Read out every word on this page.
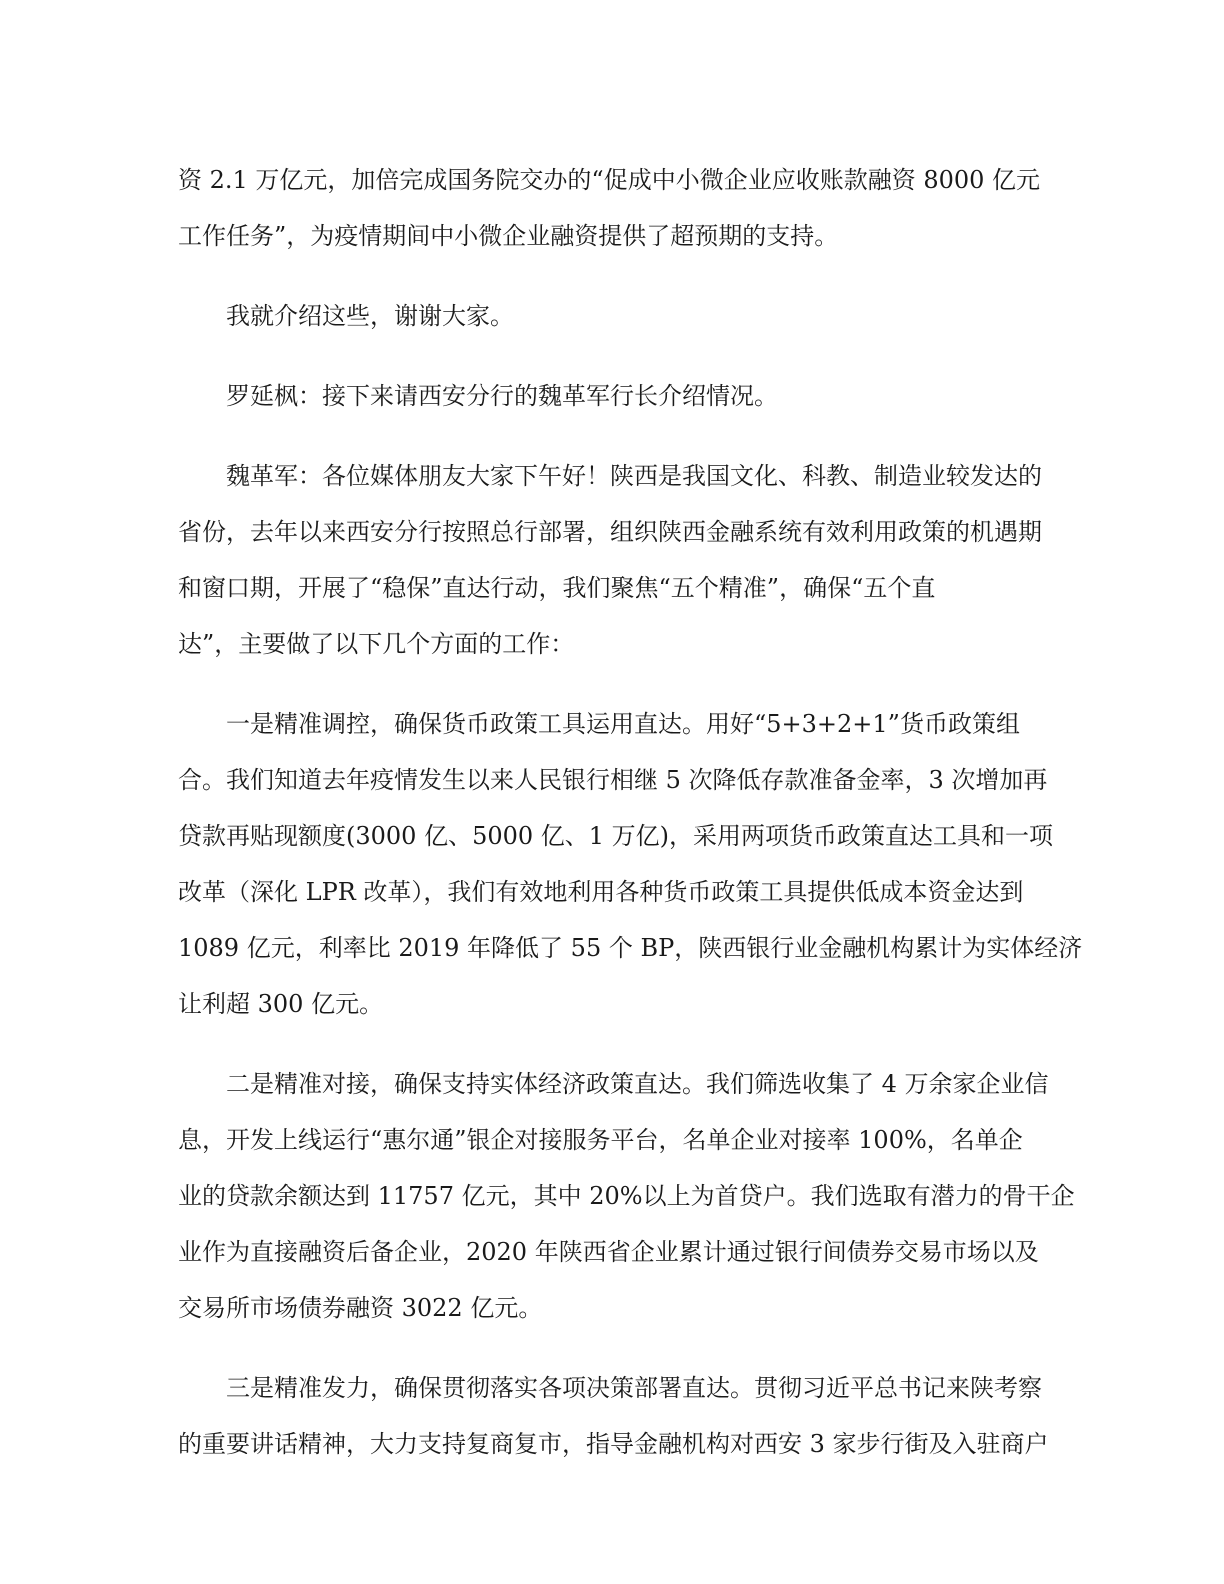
资 2.1 万亿元，加倍完成国务院交办的“促成中小微企业应收账款融资 8000 亿元
工作任务”，为疫情期间中小微企业融资提供了超预期的支持。
我就介绍这些，谢谢大家。
罗延枫：接下来请西安分行的魏革军行长介绍情况。
魏革军：各位媒体朋友大家下午好！陕西是我国文化、科教、制造业较发达的
省份，去年以来西安分行按照总行部署，组织陕西金融系统有效利用政策的机遇期
和窗口期，开展了“稳保”直达行动，我们聚焦“五个精准”，确保“五个直
达”，主要做了以下几个方面的工作：
一是精准调控，确保货币政策工具运用直达。用好“5+3+2+1”货币政策组
合。我们知道去年疫情发生以来人民银行相继 5 次降低存款准备金率，3 次增加再
贷款再贴现额度(3000 亿、5000 亿、1 万亿)，采用两项货币政策直达工具和一项
改革（深化 LPR 改革），我们有效地利用各种货币政策工具提供低成本资金达到
1089 亿元，利率比 2019 年降低了 55 个 BP，陕西银行业金融机构累计为实体经济
让利超 300 亿元。
二是精准对接，确保支持实体经济政策直达。我们筛选收集了 4 万余家企业信
息，开发上线运行“惠尔通”银企对接服务平台，名单企业对接率 100%，名单企
业的贷款余额达到 11757 亿元，其中 20%以上为首贷户。我们选取有潜力的骨干企
业作为直接融资后备企业，2020 年陕西省企业累计通过银行间债券交易市场以及
交易所市场债券融资 3022 亿元。
三是精准发力，确保贯彻落实各项决策部署直达。贯彻习近平总书记来陕考察
的重要讲话精神，大力支持复商复市，指导金融机构对西安 3 家步行街及入驻商户
